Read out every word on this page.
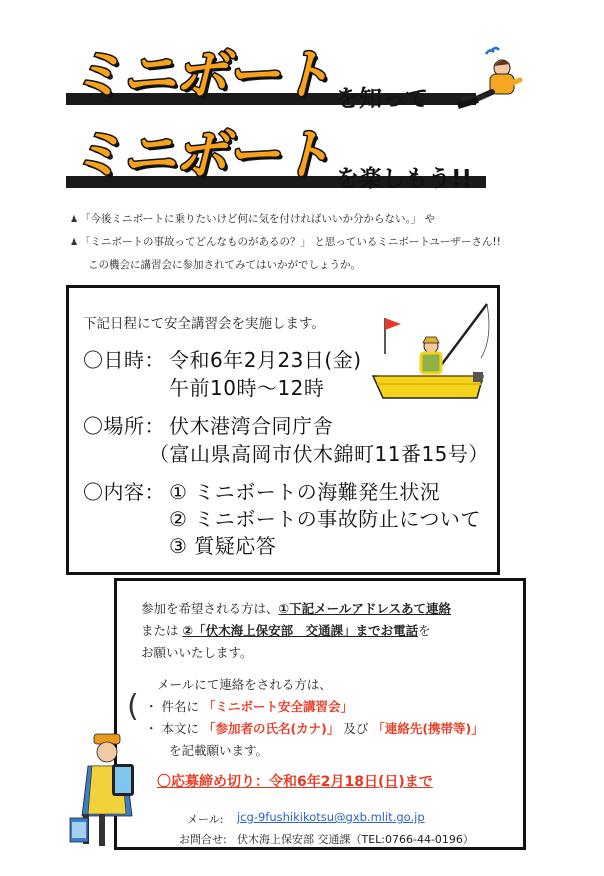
ミニボート を知って
ミニボート を楽しもう!!
♟ 「今後ミニボートに乗りたいけど何に気を付ければいいか分からない。」 や
♟ 「ミニボートの事故ってどんなものがあるの？」 と思っているミニボートユーザーさん!!
この機会に講習会に参加されてみてはいかがでしょうか。
下記日程にて安全講習会を実施します。
〇日時： 令和6年2月23日(金)
午前10時～12時
〇場所： 伏木港湾合同庁舎
（富山県高岡市伏木錦町11番15号）
〇内容： ① ミニボートの海難発生状況
② ミニボートの事故防止について
③ 質疑応答
参加を希望される方は、①下記メールアドレスあて連絡
または ②「伏木海上保安部　交通課」までお電話を
お願いいたします。
メールにて連絡をされる方は、
( ・ 件名に 「ミニボート安全講習会」
・ 本文に 「参加者の氏名(カナ)」 及び 「連絡先(携帯等)」
を記載願います。
〇応募締め切り：令和6年2月18日(日)まで
メール: jcg-9fushikikotsu@gxb.mlit.go.jp
お問合せ: 伏木海上保安部 交通課（TEL:0766-44-0196）
